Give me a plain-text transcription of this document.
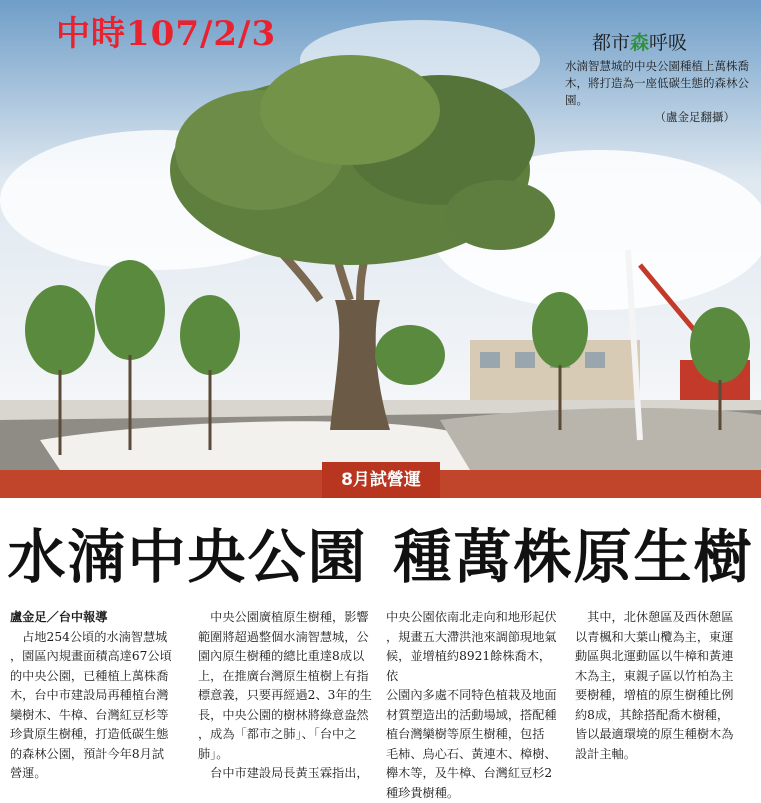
中時107/2/3	都市森呼吸
水湳智慧城的中央公園種植上萬株喬木，將打造為一座低碳生態的森林公園。
（盧金足翻攝）
8月試營運
水湳中央公園 種萬株原生樹
盧金足／台中報導
　占地254公頃的水湳智慧城
，園區內規畫面積高達67公頃
的中央公園，已種植上萬株喬
木，台中市建設局再種植台灣
欒樹木、牛樟、台灣紅豆杉等
珍貴原生樹種，打造低碳生態
的森林公園，預計今年8月試
營運。
　中央公園廣植原生樹種，影響
範圍將超過整個水湳智慧城，公
園內原生樹種的總比重達8成以
上，在推廣台灣原生植樹上有指
標意義，只要再經過2、3年的生
長，中央公園的樹林將綠意盎然
，成為「都市之肺」、「台中之
肺」。
　台中市建設局長黃玉霖指出，
中央公園依南北走向和地形起伏
，規畫五大滯洪池來調節現地氣
候，並增植約8921餘株喬木，依
公園內多處不同特色植栽及地面
材質塑造出的活動場域，搭配種
植台灣欒樹等原生樹種，包括
毛柿、烏心石、黃連木、樟樹、
櫸木等，及牛樟、台灣紅豆杉2
種珍貴樹種。
　其中，北休憩區及西休憩區
以青楓和大葉山欖為主，東運
動區與北運動區以牛樟和黃連
木為主，東親子區以竹柏為主
要樹種，增植的原生樹種比例
約8成，其餘搭配喬木樹種，
皆以最適環境的原生種樹木為
設計主軸。
